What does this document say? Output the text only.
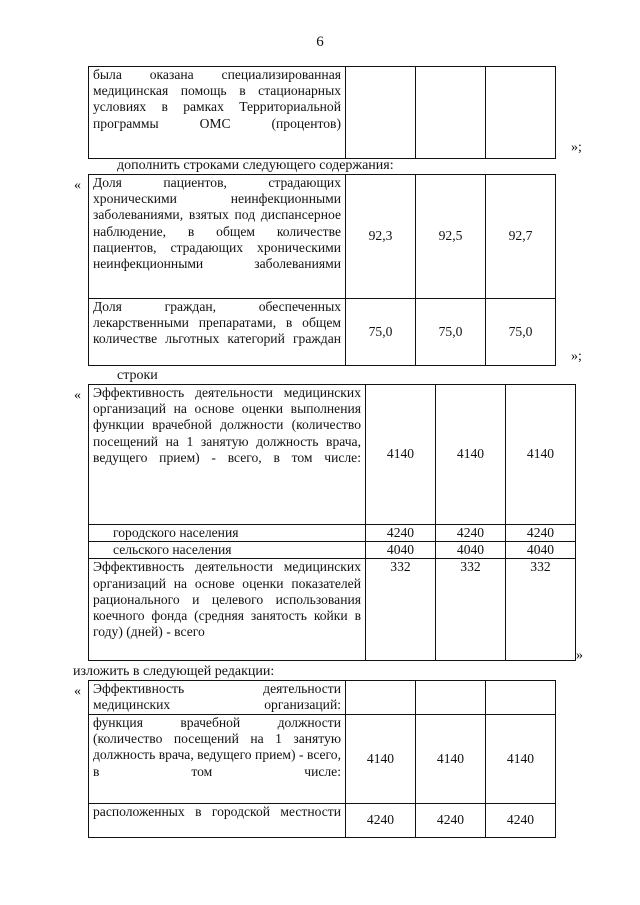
6
была оказана специализированная медицинская помощь в стационарных условиях в рамках Территориальной программы ОМС (процентов)			
»;
дополнить строками следующего содержания:
« Доля пациентов, страдающих хроническими неинфекционными заболеваниями, взятых под диспансерное наблюдение, в общем количестве пациентов, страдающих хроническими неинфекционными заболеваниями	92,3	92,5	92,7
Доля граждан, обеспеченных лекарственными препаратами, в общем количестве льготных категорий граждан	75,0	75,0	75,0
»;
строки
« Эффективность деятельности медицинских организаций на основе оценки выполнения функции врачебной должности (количество посещений на 1 занятую должность врача, ведущего прием) - всего, в том числе:	4140	4140	4140
городского населения	4240	4240	4240
сельского населения	4040	4040	4040
Эффективность деятельности медицинских организаций на основе оценки показателей рационального и целевого использования коечного фонда (средняя занятость койки в году) (дней) - всего	332	332	332
»
изложить в следующей редакции:
« Эффективность деятельности медицинских организаций:			
функция врачебной должности (количество посещений на 1 занятую должность врача, ведущего прием) - всего, в том числе:	4140	4140	4140
расположенных в городской местности	4240	4240	4240
